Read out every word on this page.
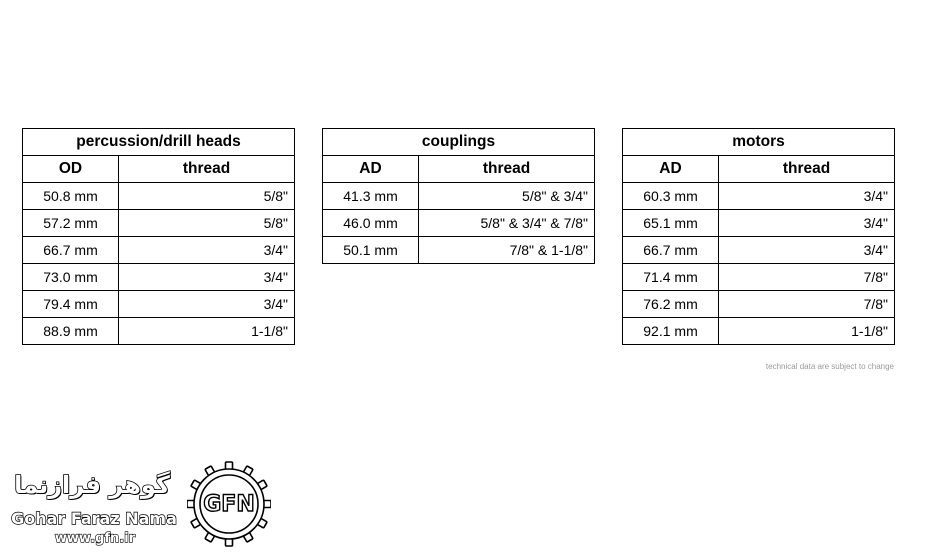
percussion/drill heads	
OD	thread
50.8 mm	5/8"
57.2 mm	5/8"
66.7 mm	3/4"
73.0 mm	3/4"
79.4 mm	3/4"
88.9 mm	1-1/8"
couplings	
AD	thread
41.3 mm	5/8" & 3/4"
46.0 mm	5/8" & 3/4" & 7/8"
50.1 mm	7/8" & 1-1/8"
motors	
AD	thread
60.3 mm	3/4"
65.1 mm	3/4"
66.7 mm	3/4"
71.4 mm	7/8"
76.2 mm	7/8"
92.1 mm	1-1/8"
technical data are subject to change
گوهر فرازنما
Gohar Faraz Nama
www.gfn.ir
GFN
